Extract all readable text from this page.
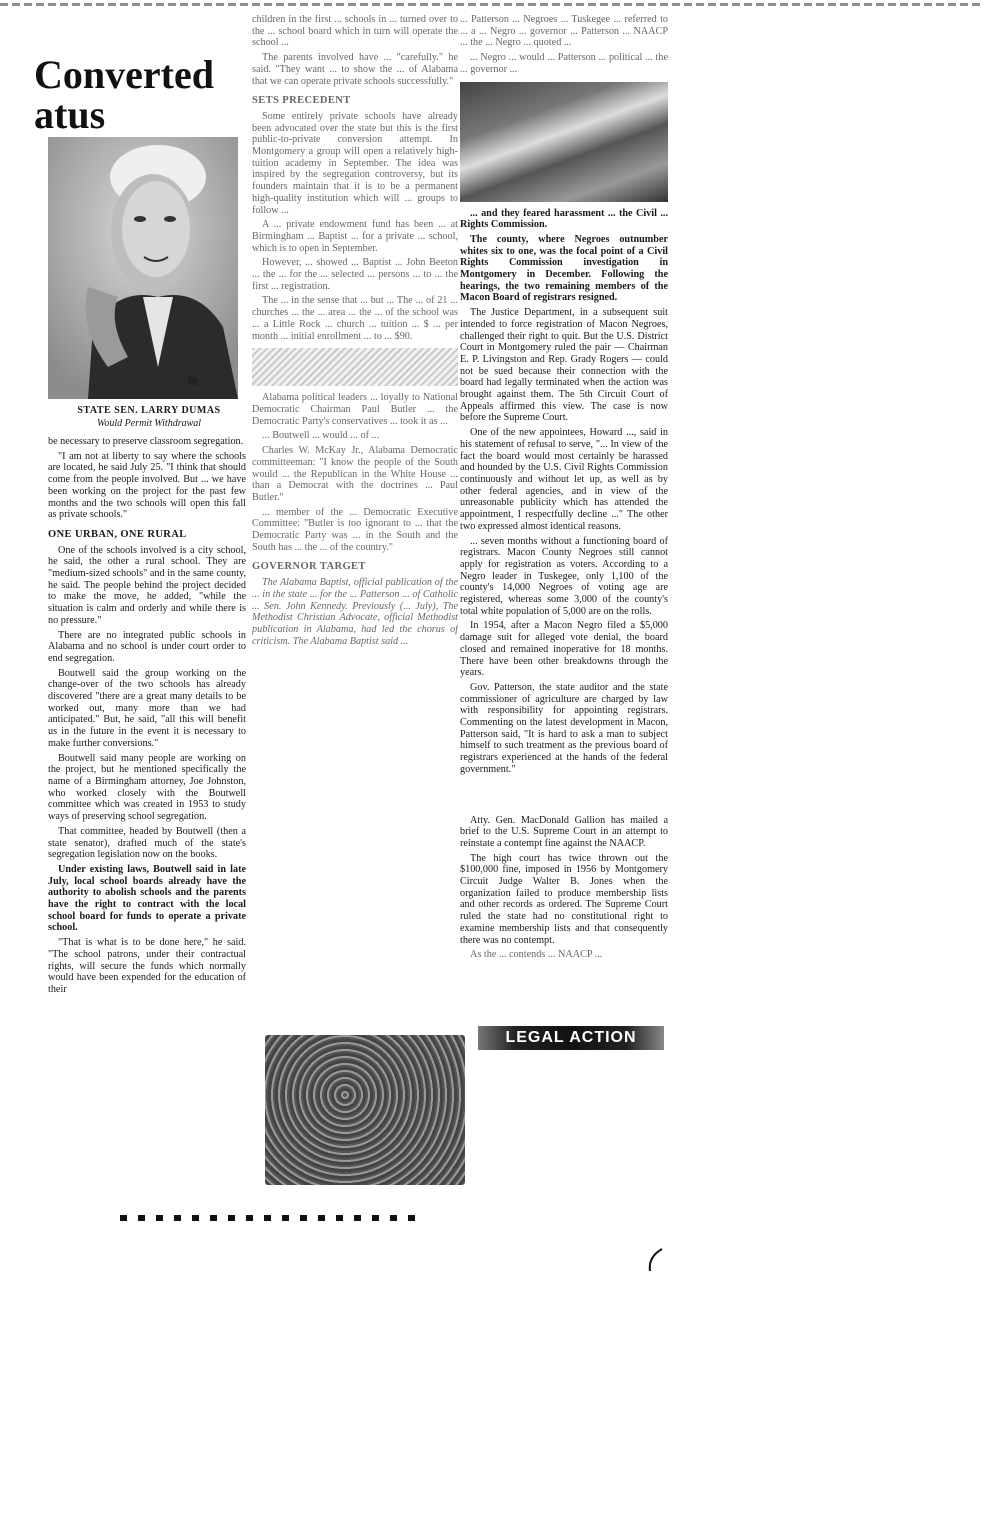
Converted
atus
STATE SEN. LARRY DUMAS
Would Permit Withdrawal

be necessary to preserve classroom segregation.

"I am not at liberty to say where the schools are located, he said July 25. "I think that should come from the people involved. But ... we have been working on the project for the past few months and the two schools will open this fall as private schools."

ONE URBAN, ONE RURAL

One of the schools involved is a city school, he said, the other a rural school. They are "medium-sized schools" and in the same county, he said. The people behind the project decided to make the move, he added, "while the situation is calm and orderly and while there is no pressure."

There are no integrated public schools in Alabama and no school is under court order to end segregation.

Boutwell said the group working on the change-over of the two schools has already discovered "there are a great many details to be worked out, many more than we had anticipated." But, he said, "all this will benefit us in the future in the event it is necessary to make further conversions."

Boutwell said many people are working on the project, but he mentioned specifically the name of a Birmingham attorney, Joe Johnston, who worked closely with the Boutwell committee which was created in 1953 to study ways of preserving school segregation.

That committee, headed by Boutwell (then a state senator), drafted much of the state's segregation legislation now on the books.

Under existing laws, Boutwell said in late July, local school boards already have the authority to abolish schools and the parents have the right to contract with the local school board for funds to operate a private school.

"That is what is to be done here," he said. "The school patrons, under their contractual rights, will secure the funds which normally would have been expended for the education of their

children in the first ... schools in ... turned over to the ... school board which in turn will operate the school ...

The parents involved have ... "carefully." he said. "They want ... to show the ... of Alabama that we can operate private schools successfully."

SETS PRECEDENT

Some entirely private schools have already been advocated over the state but this is the first public-to-private conversion attempt. In Montgomery a group will open a relatively high-tuition academy in September. The idea was inspired by the segregation controversy, but its founders maintain that it is to be a permanent high-quality institution which will ... groups to follow ...

A ... private endowment fund has been ... at Birmingham ... Baptist ... for a private ... school, which is to open in September.

However, ... showed ... Baptist ... John Beeton ... the ... for the ... selected ... persons ... to ... the first ... registration.

The ... in the sense that ... but ... The ... of 21 ... churches ... the ... area ... the ... of the school was ... a Little Rock ... church ... tuition ... $ ... per month ... initial enrollment ... to ... $90.

Alabama political leaders ... loyally to National Democratic Chairman Paul Butler ... the Democratic Party's conservatives ... took it as ...

... Boutwell ... would ... of ...

Charles W. McKay Jr., Alabama Democratic committeeman: "I know the people of the South would ... the Republican in the White House ... than a Democrat with the doctrines ... Paul Butler."

... member of the ... Democratic Executive Committee: "Butler is too ignorant to ... that the Democratic Party was ... in the South and the South has ... the ... of the country."

GOVERNOR TARGET

The Alabama Baptist, official publication of the ... in the state ... for the ... Patterson ... of Catholic ... Sen. John Kennedy. Previously (... July), The Methodist Christian Advocate, official Methodist publication in Alabama, had led the chorus of criticism. The Alabama Baptist said ...

... Patterson ... Negroes ... Tuskegee ... referred to ... a ... Negro ... governor ... Patterson ... NAACP ... the ... Negro ... quoted ...

... Negro ... would ... Patterson ... political ... the ... governor ...

... and they feared harassment ... the Civil ... Rights Commission.

The county, where Negroes outnumber whites six to one, was the focal point of a Civil Rights Commission investigation in Montgomery in December. Following the hearings, the two remaining members of the Macon Board of registrars resigned.

The Justice Department, in a subsequent suit intended to force registration of Macon Negroes, challenged their right to quit. But the U.S. District Court in Montgomery ruled the pair — Chairman E. P. Livingston and Rep. Grady Rogers — could not be sued because their connection with the board had legally terminated when the action was brought against them. The 5th Circuit Court of Appeals affirmed this view. The case is now before the Supreme Court.

One of the new appointees, Howard ..., said in his statement of refusal to serve, "... In view of the fact the board would most certainly be harassed and hounded by the U.S. Civil Rights Commission continuously and without let up, as well as by other federal agencies, and in view of the unreasonable publicity which has attended the appointment, I respectfully decline ..." The other two expressed almost identical reasons.

... seven months without a functioning board of registrars. Macon County Negroes still cannot apply for registration as voters. According to a Negro leader in Tuskegee, only 1,100 of the county's 14,000 Negroes of voting age are registered, whereas some 3,000 of the county's total white population of 5,000 are on the rolls.

In 1954, after a Macon Negro filed a $5,000 damage suit for alleged vote denial, the board closed and remained inoperative for 18 months. There have been other breakdowns through the years.

Gov. Patterson, the state auditor and the state commissioner of agriculture are charged by law with responsibility for appointing registrars. Commenting on the latest development in Macon, Patterson said, "It is hard to ask a man to subject himself to such treatment as the previous board of registrars experienced at the hands of the federal government."

Atty. Gen. MacDonald Gallion has mailed a brief to the U.S. Supreme Court in an attempt to reinstate a contempt fine against the NAACP.

The high court has twice thrown out the $100,000 fine, imposed in 1956 by Montgomery Circuit Judge Walter B. Jones when the organization failed to produce membership lists and other records as ordered. The Supreme Court ruled the state had no constitutional right to examine membership lists and that consequently there was no contempt.

As the ... contends ... NAACP ...

LEGAL ACTION
